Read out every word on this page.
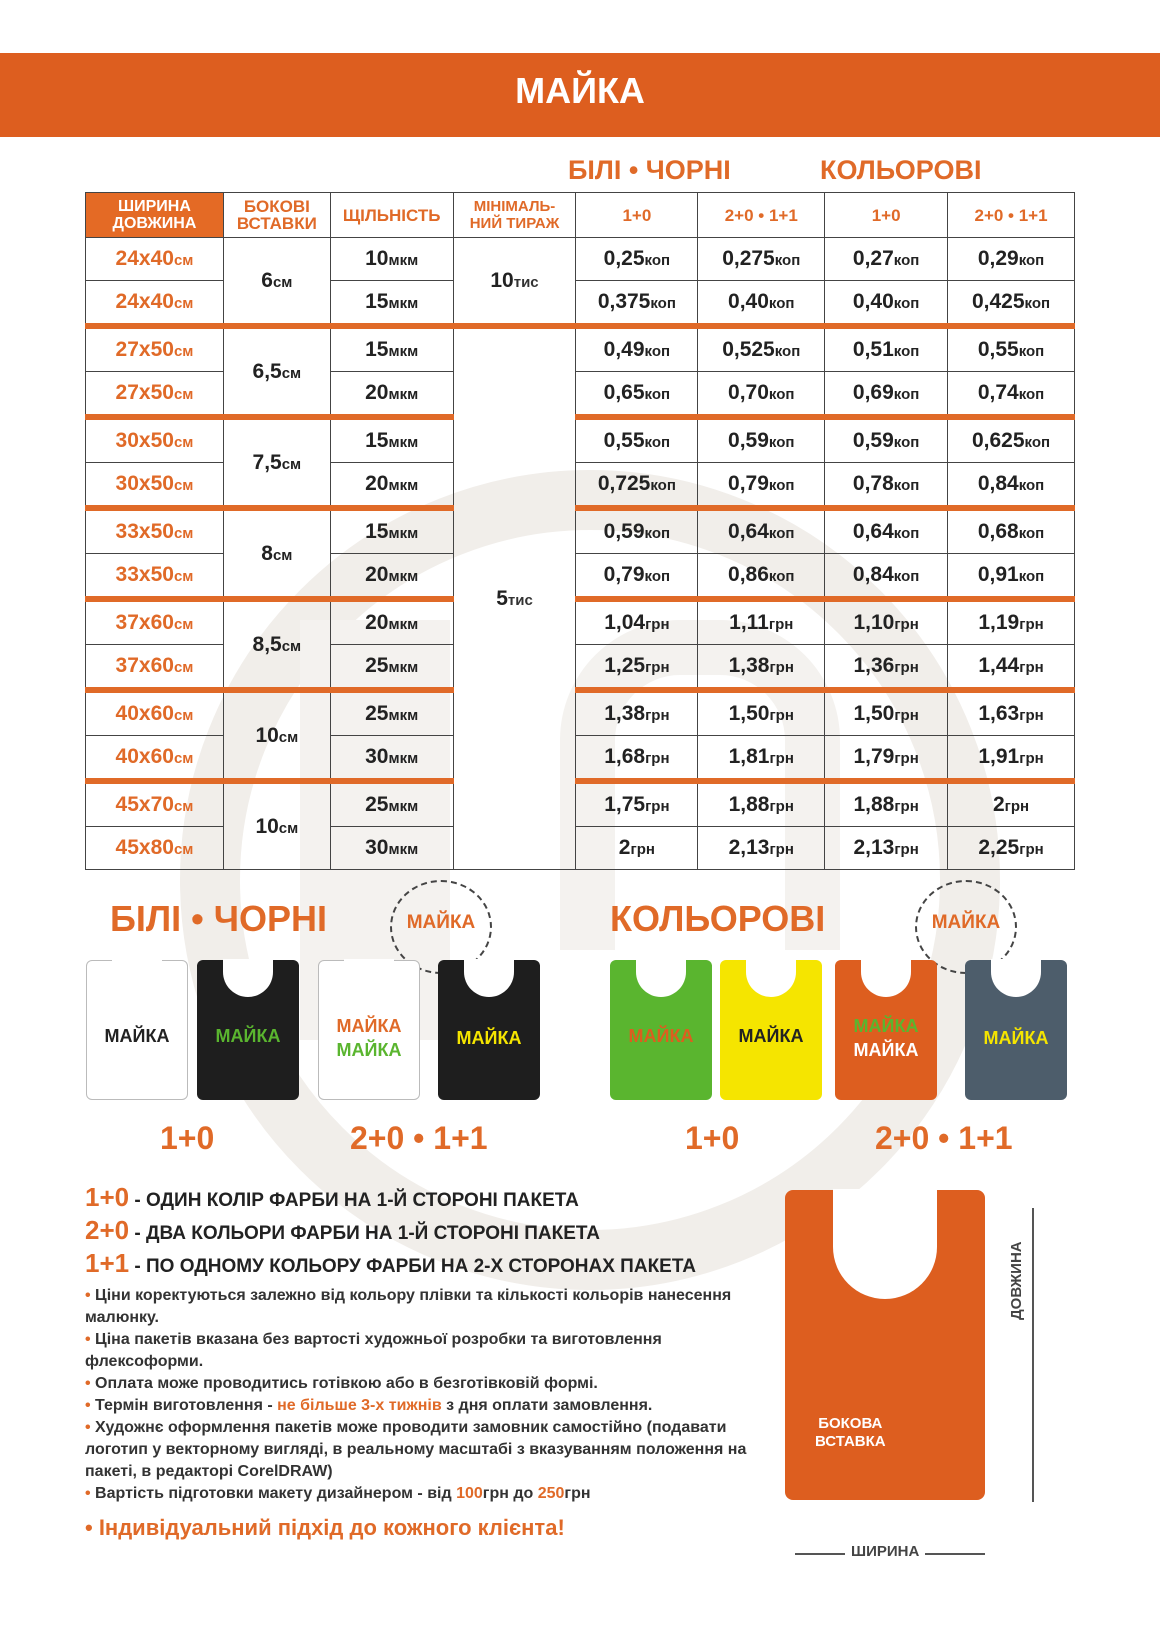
МАЙКА
БІЛІ • ЧОРНІ	КОЛЬОРОВІ
ШИРИНА
ДОВЖИНА	БОКОВІ
ВСТАВКИ	ЩІЛЬНІСТЬ	МІНІМАЛЬ-
НИЙ ТИРАЖ	1+0	2+0 • 1+1	1+0	2+0 • 1+1
24x40см	6см	10мкм	10тис	0,25коп	0,275коп	0,27коп	0,29коп
24x40см		15мкм		0,375коп	0,40коп	0,40коп	0,425коп
27x50см	6,5см	15мкм	5тис	0,49коп	0,525коп	0,51коп	0,55коп
27x50см		20мкм		0,65коп	0,70коп	0,69коп	0,74коп
30x50см	7,5см	15мкм		0,55коп	0,59коп	0,59коп	0,625коп
30x50см		20мкм		0,725коп	0,79коп	0,78коп	0,84коп
33x50см	8см	15мкм		0,59коп	0,64коп	0,64коп	0,68коп
33x50см		20мкм		0,79коп	0,86коп	0,84коп	0,91коп
37x60см	8,5см	20мкм		1,04грн	1,11грн	1,10грн	1,19грн
37x60см		25мкм		1,25грн	1,38грн	1,36грн	1,44грн
40x60см	10см	25мкм		1,38грн	1,50грн	1,50грн	1,63грн
40x60см		30мкм		1,68грн	1,81грн	1,79грн	1,91грн
45x70см	10см	25мкм		1,75грн	1,88грн	1,88грн	2грн
45x80см		30мкм		2грн	2,13грн	2,13грн	2,25грн
БІЛІ • ЧОРНІ	КОЛЬОРОВІ
МАЙКА	МАЙКА
МАЙКА	МАЙКА	МАЙКА
МАЙКА
МАЙКА	МАЙКА	МАЙКА	МАЙКА
МАЙКА
МАЙКА
1+0	2+0 • 1+1	1+0	2+0 • 1+1
1+0 - ОДИН КОЛІР ФАРБИ НА 1-Й СТОРОНІ ПАКЕТА
2+0 - ДВА КОЛЬОРИ ФАРБИ НА 1-Й СТОРОНІ ПАКЕТА
1+1 - ПО ОДНОМУ КОЛЬОРУ ФАРБИ НА 2-Х СТОРОНАХ ПАКЕТА

• Ціни коректуються залежно від кольору плівки та кількості кольорів нанесення малюнку.

• Ціна пакетів вказана без вартості художньої розробки та виготовлення флексоформи.

• Оплата може проводитись готівкою або в безготівковій формі.

• Термін виготовлення - не більше 3-х тижнів з дня оплати замовлення.

• Художнє оформлення пакетів може проводити замовник самостійно (подавати логотип у векторному вигляді, в реальному масштабі з вказуванням положення на пакеті, в редакторі CorelDRAW)

• Вартість підготовки макету дизайнером - від 100грн до 250грн

• Індивідуальний підхід до кожного клієнта!
БОКОВА
ВСТАВКА
ДОВЖИНА
ШИРИНА
